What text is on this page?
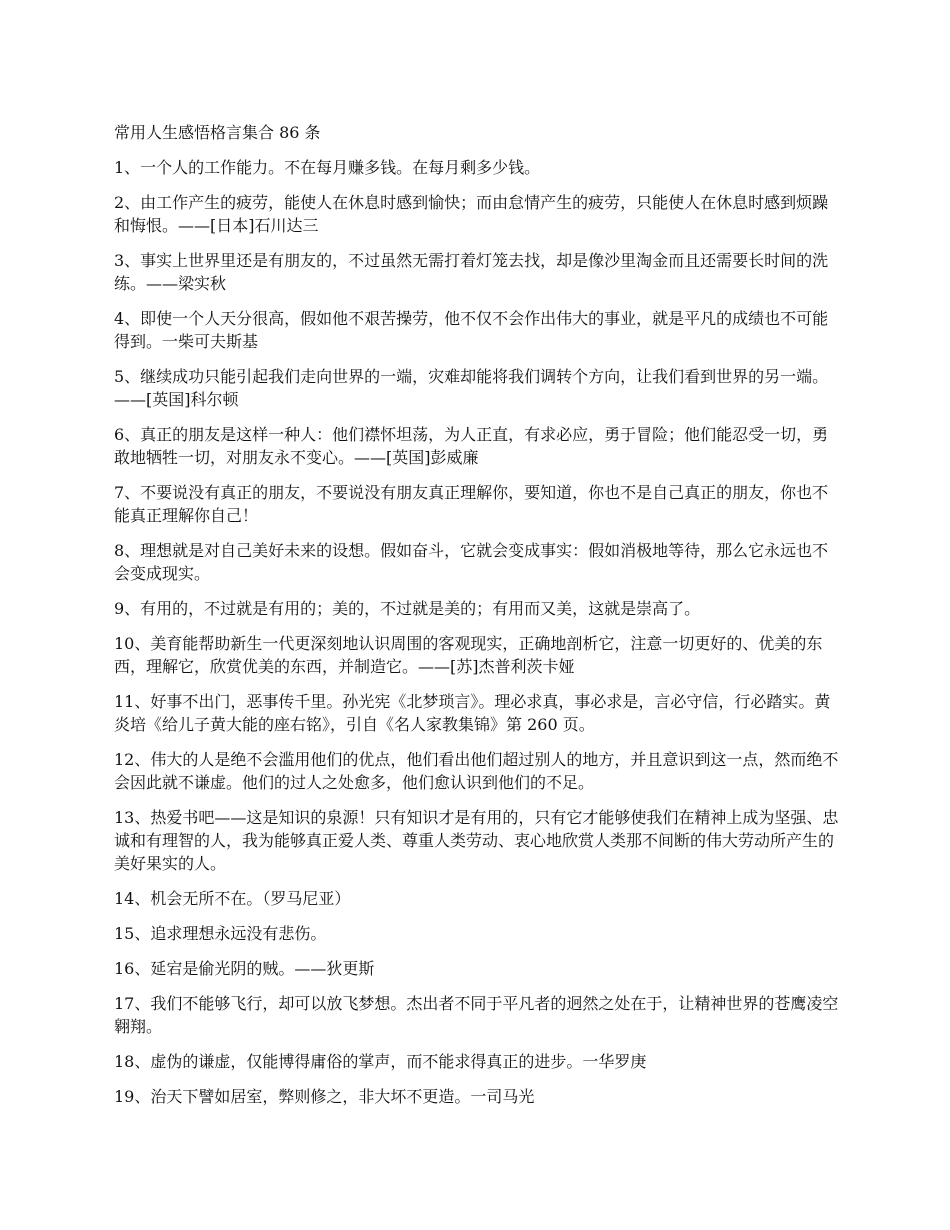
常用人生感悟格言集合 86 条
1、一个人的工作能力。不在每月赚多钱。在每月剩多少钱。
2、由工作产生的疲劳，能使人在休息时感到愉快；而由怠情产生的疲劳，只能使人在休息时感到烦躁和悔恨。——[日本]石川达三
3、事实上世界里还是有朋友的，不过虽然无需打着灯笼去找，却是像沙里淘金而且还需要长时间的洗练。——梁实秋
4、即使一个人天分很高，假如他不艰苦操劳，他不仅不会作出伟大的事业，就是平凡的成绩也不可能得到。一柴可夫斯基
5、继续成功只能引起我们走向世界的一端，灾难却能将我们调转个方向，让我们看到世界的另一端。——[英国]科尔顿
6、真正的朋友是这样一种人：他们襟怀坦荡，为人正直，有求必应，勇于冒险；他们能忍受一切，勇敢地牺牲一切，对朋友永不变心。——[英国]彭威廉
7、不要说没有真正的朋友，不要说没有朋友真正理解你，要知道，你也不是自己真正的朋友，你也不能真正理解你自己！
8、理想就是对自己美好未来的设想。假如奋斗，它就会变成事实：假如消极地等待，那么它永远也不会变成现实。
9、有用的，不过就是有用的；美的，不过就是美的；有用而又美，这就是崇高了。
10、美育能帮助新生一代更深刻地认识周围的客观现实，正确地剖析它，注意一切更好的、优美的东西，理解它，欣赏优美的东西，并制造它。——[苏]杰普利茨卡娅
11、好事不出门，恶事传千里。孙光宪《北梦琐言》。理必求真，事必求是，言必守信，行必踏实。黄炎培《给儿子黄大能的座右铭》，引自《名人家教集锦》第 260 页。
12、伟大的人是绝不会滥用他们的优点，他们看出他们超过别人的地方，并且意识到这一点，然而绝不会因此就不谦虚。他们的过人之处愈多，他们愈认识到他们的不足。
13、热爱书吧——这是知识的泉源！只有知识才是有用的，只有它才能够使我们在精神上成为坚强、忠诚和有理智的人，我为能够真正爱人类、尊重人类劳动、衷心地欣赏人类那不间断的伟大劳动所产生的美好果实的人。
14、机会无所不在。（罗马尼亚）
15、追求理想永远没有悲伤。
16、延宕是偷光阴的贼。——狄更斯
17、我们不能够飞行，却可以放飞梦想。杰出者不同于平凡者的迥然之处在于，让精神世界的苍鹰凌空翱翔。
18、虚伪的谦虚，仅能博得庸俗的掌声，而不能求得真正的进步。一华罗庚
19、治天下譬如居室，弊则修之，非大坏不更造。一司马光
